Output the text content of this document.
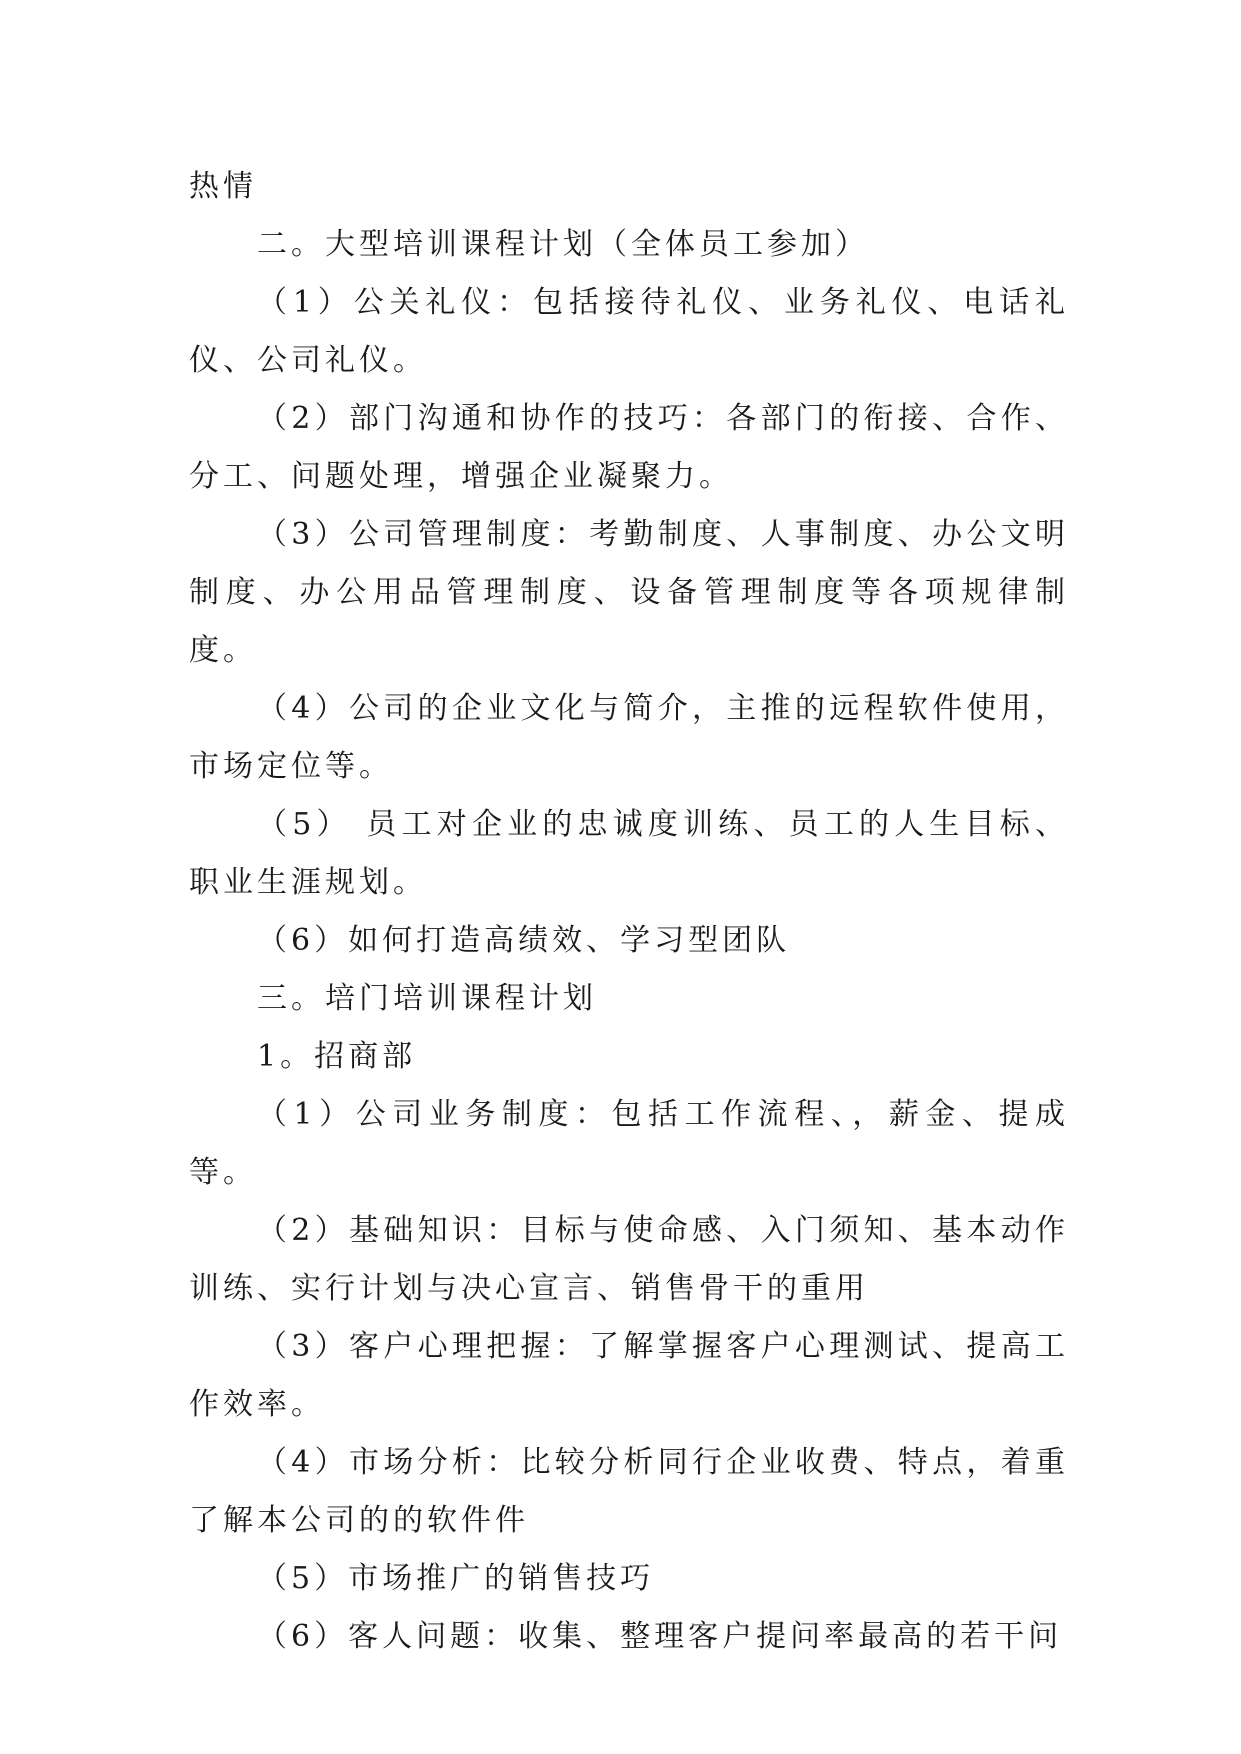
热情

二。大型培训课程计划（全体员工参加）

（1）公关礼仪：包括接待礼仪、业务礼仪、电话礼仪、公司礼仪。

（2）部门沟通和协作的技巧：各部门的衔接、合作、分工、问题处理，增强企业凝聚力。

（3）公司管理制度：考勤制度、人事制度、办公文明制度、办公用品管理制度、设备管理制度等各项规律制度。

（4）公司的企业文化与简介，主推的远程软件使用，市场定位等。

（5） 员工对企业的忠诚度训练、员工的人生目标、职业生涯规划。

（6）如何打造高绩效、学习型团队

三。培门培训课程计划

1。招商部

（1）公司业务制度：包括工作流程、，薪金、提成等。

（2）基础知识：目标与使命感、入门须知、基本动作训练、实行计划与决心宣言、销售骨干的重用

（3）客户心理把握：了解掌握客户心理测试、提高工作效率。

（4）市场分析：比较分析同行企业收费、特点，着重了解本公司的的软件件

（5）市场推广的销售技巧

（6）客人问题：收集、整理客户提问率最高的若干问
